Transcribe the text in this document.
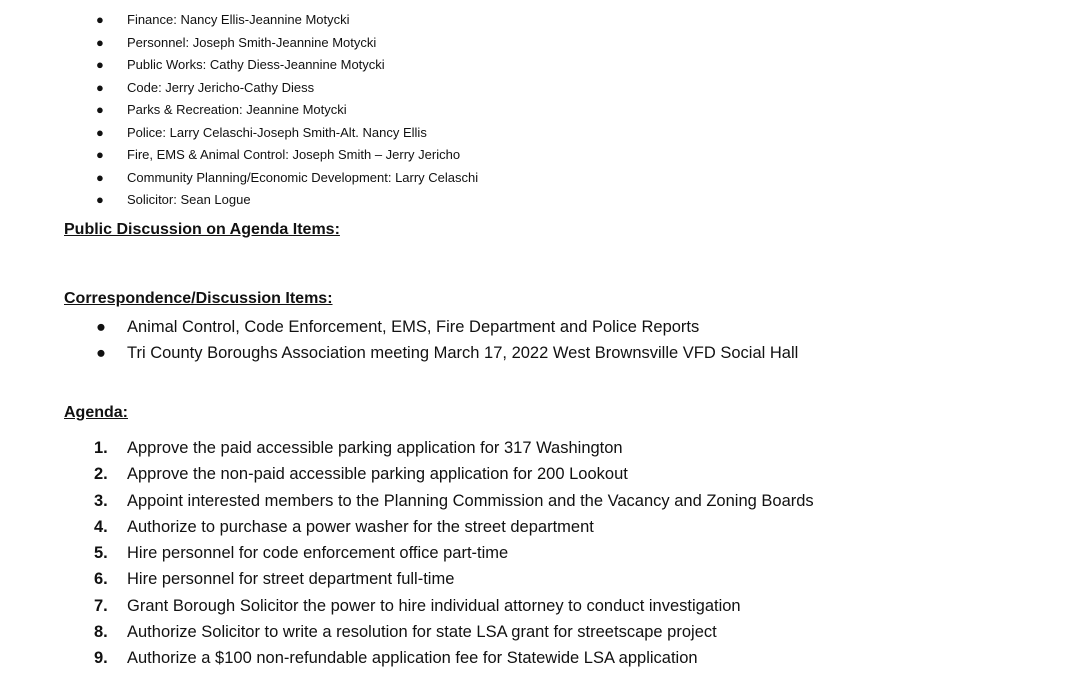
● Finance: Nancy Ellis-Jeannine Motycki
● Personnel: Joseph Smith-Jeannine Motycki
● Public Works: Cathy Diess-Jeannine Motycki
● Code: Jerry Jericho-Cathy Diess
● Parks & Recreation: Jeannine Motycki
● Police: Larry Celaschi-Joseph Smith-Alt. Nancy Ellis
● Fire, EMS & Animal Control: Joseph Smith – Jerry Jericho
● Community Planning/Economic Development: Larry Celaschi
● Solicitor: Sean Logue
Public Discussion on Agenda Items:
Correspondence/Discussion Items:
● Animal Control, Code Enforcement, EMS, Fire Department and Police Reports
● Tri County Boroughs Association meeting March 17, 2022 West Brownsville VFD Social Hall
Agenda:
1. Approve the paid accessible parking application for 317 Washington
2. Approve the non-paid accessible parking application for 200 Lookout
3. Appoint interested members to the Planning Commission and the Vacancy and Zoning Boards
4. Authorize to purchase a power washer for the street department
5. Hire personnel for code enforcement office part-time
6. Hire personnel for street department full-time
7. Grant Borough Solicitor the power to hire individual attorney to conduct investigation
8. Authorize Solicitor to write a resolution for state LSA grant for streetscape project
9. Authorize a $100 non-refundable application fee for Statewide LSA application
